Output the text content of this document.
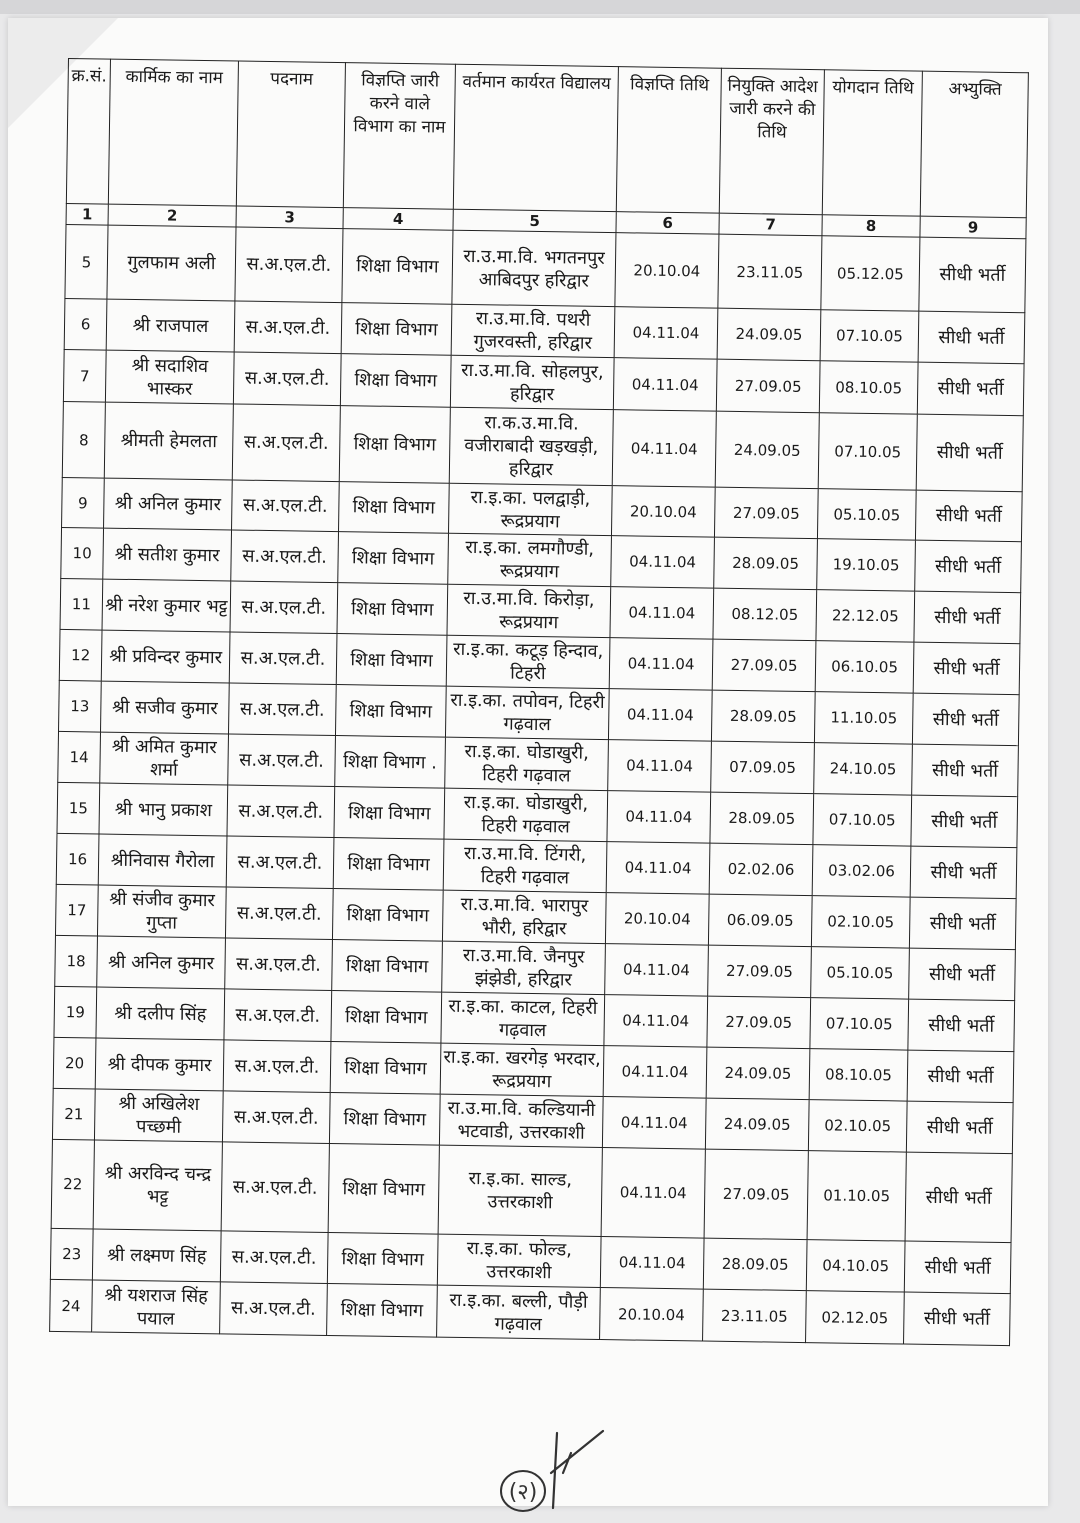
क्र.सं.	कार्मिक का नाम	पदनाम	विज्ञप्ति जारी करने वाले विभाग का नाम	वर्तमान कार्यरत विद्यालय	विज्ञप्ति तिथि	नियुक्ति आदेश जारी करने की तिथि	योगदान तिथि	अभ्युक्ति
1	2	3	4	5	6	7	8	9
5	गुलफाम अली	स.अ.एल.टी.	शिक्षा विभाग	रा.उ.मा.वि. भगतनपुर आबिदपुर हरिद्वार	20.10.04	23.11.05	05.12.05	सीधी भर्ती
6	श्री राजपाल	स.अ.एल.टी.	शिक्षा विभाग	रा.उ.मा.वि. पथरी गुजरवस्ती, हरिद्वार	04.11.04	24.09.05	07.10.05	सीधी भर्ती
7	श्री सदाशिव भास्कर	स.अ.एल.टी.	शिक्षा विभाग	रा.उ.मा.वि. सोहलपुर, हरिद्वार	04.11.04	27.09.05	08.10.05	सीधी भर्ती
8	श्रीमती हेमलता	स.अ.एल.टी.	शिक्षा विभाग	रा.क.उ.मा.वि. वजीराबादी खड़खड़ी, हरिद्वार	04.11.04	24.09.05	07.10.05	सीधी भर्ती
9	श्री अनिल कुमार	स.अ.एल.टी.	शिक्षा विभाग	रा.इ.का. पलद्वाड़ी, रूद्रप्रयाग	20.10.04	27.09.05	05.10.05	सीधी भर्ती
10	श्री सतीश कुमार	स.अ.एल.टी.	शिक्षा विभाग	रा.इ.का. लमगौण्डी, रूद्रप्रयाग	04.11.04	28.09.05	19.10.05	सीधी भर्ती
11	श्री नरेश कुमार भट्ट	स.अ.एल.टी.	शिक्षा विभाग	रा.उ.मा.वि. किरोड़ा, रूद्रप्रयाग	04.11.04	08.12.05	22.12.05	सीधी भर्ती
12	श्री प्रविन्दर कुमार	स.अ.एल.टी.	शिक्षा विभाग	रा.इ.का. कटूड़ हिन्दाव, टिहरी	04.11.04	27.09.05	06.10.05	सीधी भर्ती
13	श्री सजीव कुमार	स.अ.एल.टी.	शिक्षा विभाग	रा.इ.का. तपोवन, टिहरी गढ़वाल	04.11.04	28.09.05	11.10.05	सीधी भर्ती
14	श्री अमित कुमार शर्मा	स.अ.एल.टी.	शिक्षा विभाग .	रा.इ.का. घोडाखुरी, टिहरी गढ़वाल	04.11.04	07.09.05	24.10.05	सीधी भर्ती
15	श्री भानु प्रकाश	स.अ.एल.टी.	शिक्षा विभाग	रा.इ.का. घोडाखुरी, टिहरी गढ़वाल	04.11.04	28.09.05	07.10.05	सीधी भर्ती
16	श्रीनिवास गैरोला	स.अ.एल.टी.	शिक्षा विभाग	रा.उ.मा.वि. टिंगरी, टिहरी गढ़वाल	04.11.04	02.02.06	03.02.06	सीधी भर्ती
17	श्री संजीव कुमार गुप्ता	स.अ.एल.टी.	शिक्षा विभाग	रा.उ.मा.वि. भारापुर भौरी, हरिद्वार	20.10.04	06.09.05	02.10.05	सीधी भर्ती
18	श्री अनिल कुमार	स.अ.एल.टी.	शिक्षा विभाग	रा.उ.मा.वि. जैनपुर झंझेडी, हरिद्वार	04.11.04	27.09.05	05.10.05	सीधी भर्ती
19	श्री दलीप सिंह	स.अ.एल.टी.	शिक्षा विभाग	रा.इ.का. काटल, टिहरी गढ़वाल	04.11.04	27.09.05	07.10.05	सीधी भर्ती
20	श्री दीपक कुमार	स.अ.एल.टी.	शिक्षा विभाग	रा.इ.का. खरगेड़ भरदार, रूद्रप्रयाग	04.11.04	24.09.05	08.10.05	सीधी भर्ती
21	श्री अखिलेश पच्छमी	स.अ.एल.टी.	शिक्षा विभाग	रा.उ.मा.वि. कल्डियानी भटवाडी, उत्तरकाशी	04.11.04	24.09.05	02.10.05	सीधी भर्ती
22	श्री अरविन्द चन्द्र भट्ट	स.अ.एल.टी.	शिक्षा विभाग	रा.इ.का. साल्ड, उत्तरकाशी	04.11.04	27.09.05	01.10.05	सीधी भर्ती
23	श्री लक्ष्मण सिंह	स.अ.एल.टी.	शिक्षा विभाग	रा.इ.का. फोल्ड, उत्तरकाशी	04.11.04	28.09.05	04.10.05	सीधी भर्ती
24	श्री यशराज सिंह पयाल	स.अ.एल.टी.	शिक्षा विभाग	रा.इ.का. बल्ली, पौड़ी गढ़वाल	20.10.04	23.11.05	02.12.05	सीधी भर्ती
(२)
